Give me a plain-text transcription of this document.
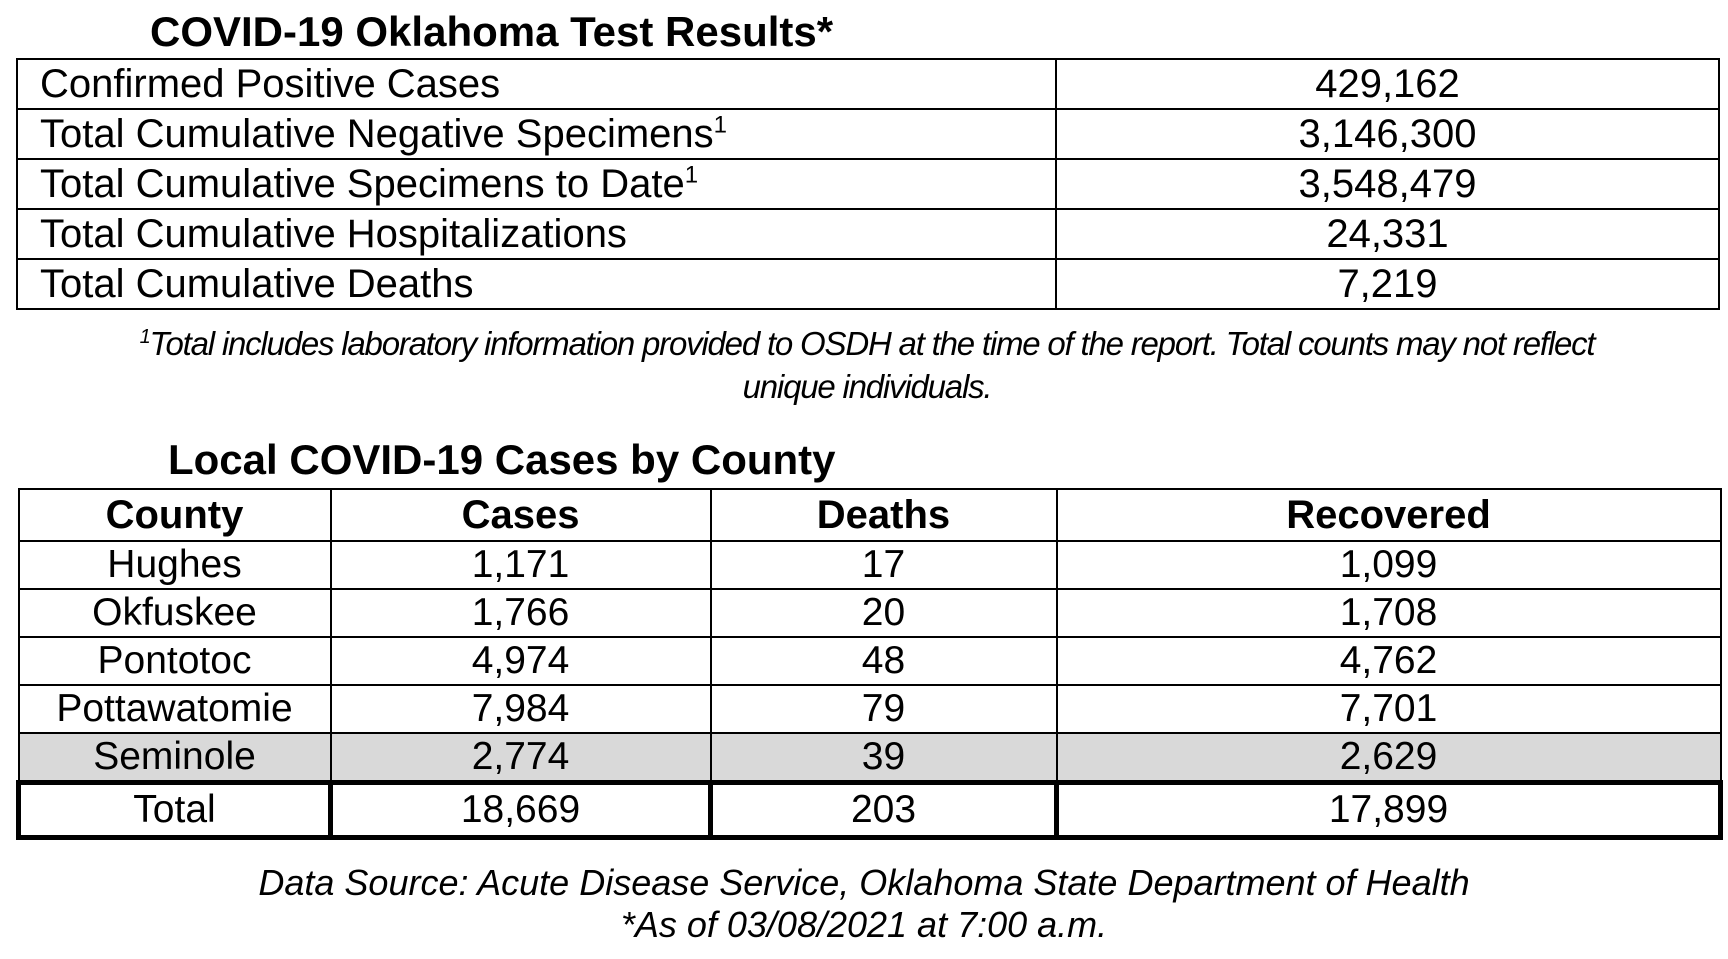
COVID-19 Oklahoma Test Results*
Confirmed Positive Cases	429,162
Total Cumulative Negative Specimens$^1$	3,146,300
Total Cumulative Specimens to Date$^1$	3,548,479
Total Cumulative Hospitalizations	24,331
Total Cumulative Deaths	7,219
$^1$Total includes laboratory information provided to OSDH at the time of the report. Total counts may not reflect
unique individuals.
Local COVID-19 Cases by County
County	Cases	Deaths	Recovered
Hughes	1,171	17	1,099
Okfuskee	1,766	20	1,708
Pontotoc	4,974	48	4,762
Pottawatomie	7,984	79	7,701
Seminole	2,774	39	2,629
Total	18,669	203	17,899
Data Source: Acute Disease Service, Oklahoma State Department of Health
*As of 03/08/2021 at 7:00 a.m.
